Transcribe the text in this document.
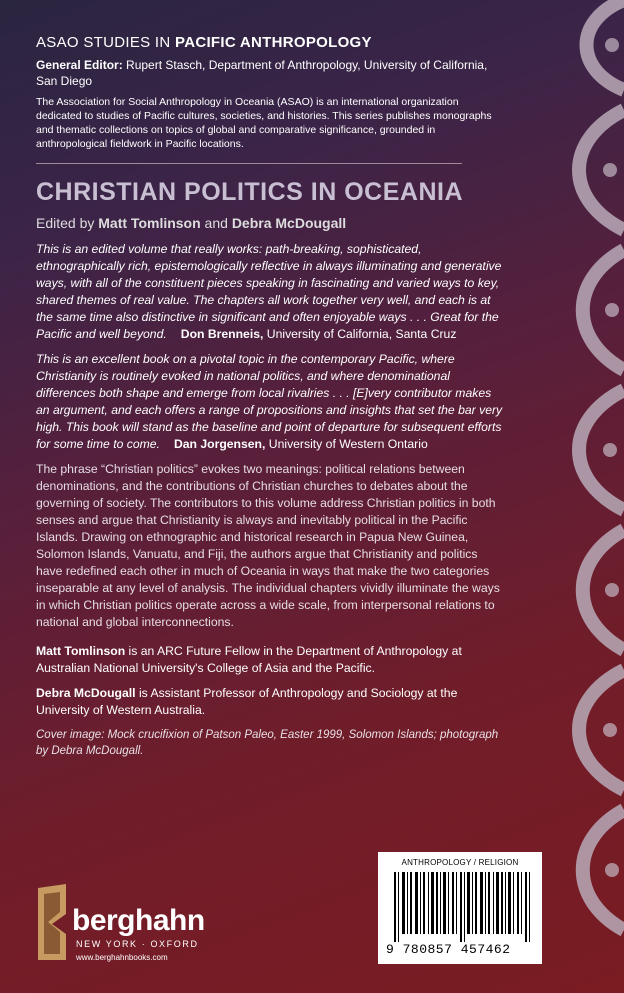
ASAO STUDIES IN PACIFIC ANTHROPOLOGY

General Editor: Rupert Stasch, Department of Anthropology, University of California, San Diego

The Association for Social Anthropology in Oceania (ASAO) is an international organization dedicated to studies of Pacific cultures, societies, and histories. This series publishes monographs and thematic collections on topics of global and comparative significance, grounded in anthropological fieldwork in Pacific locations.

CHRISTIAN POLITICS IN OCEANIA

Edited by Matt Tomlinson and Debra McDougall

This is an edited volume that really works: path-breaking, sophisticated, ethnographically rich, epistemologically reflective in always illuminating and generative ways, with all of the constituent pieces speaking in fascinating and varied ways to key, shared themes of real value. The chapters all work together very well, and each is at the same time also distinctive in significant and often enjoyable ways . . . Great for the Pacific and well beyond. Don Brenneis, University of California, Santa Cruz

This is an excellent book on a pivotal topic in the contemporary Pacific, where Christianity is routinely evoked in national politics, and where denominational differences both shape and emerge from local rivalries . . . [E]very contributor makes an argument, and each offers a range of propositions and insights that set the bar very high. This book will stand as the baseline and point of departure for subsequent efforts for some time to come. Dan Jorgensen, University of Western Ontario

The phrase “Christian politics” evokes two meanings: political relations between denominations, and the contributions of Christian churches to debates about the governing of society. The contributors to this volume address Christian politics in both senses and argue that Christianity is always and inevitably political in the Pacific Islands. Drawing on ethnographic and historical research in Papua New Guinea, Solomon Islands, Vanuatu, and Fiji, the authors argue that Christianity and politics have redefined each other in much of Oceania in ways that make the two categories inseparable at any level of analysis. The individual chapters vividly illuminate the ways in which Christian politics operate across a wide scale, from interpersonal relations to national and global interconnections.

Matt Tomlinson is an ARC Future Fellow in the Department of Anthropology at Australian National University's College of Asia and the Pacific.

Debra McDougall is Assistant Professor of Anthropology and Sociology at the University of Western Australia.

Cover image: Mock crucifixion of Patson Paleo, Easter 1999, Solomon Islands; photograph by Debra McDougall.

berghahn
NEW YORK · OXFORD
www.berghahnbooks.com
ANTHROPOLOGY / RELIGION
9 780857 457462
